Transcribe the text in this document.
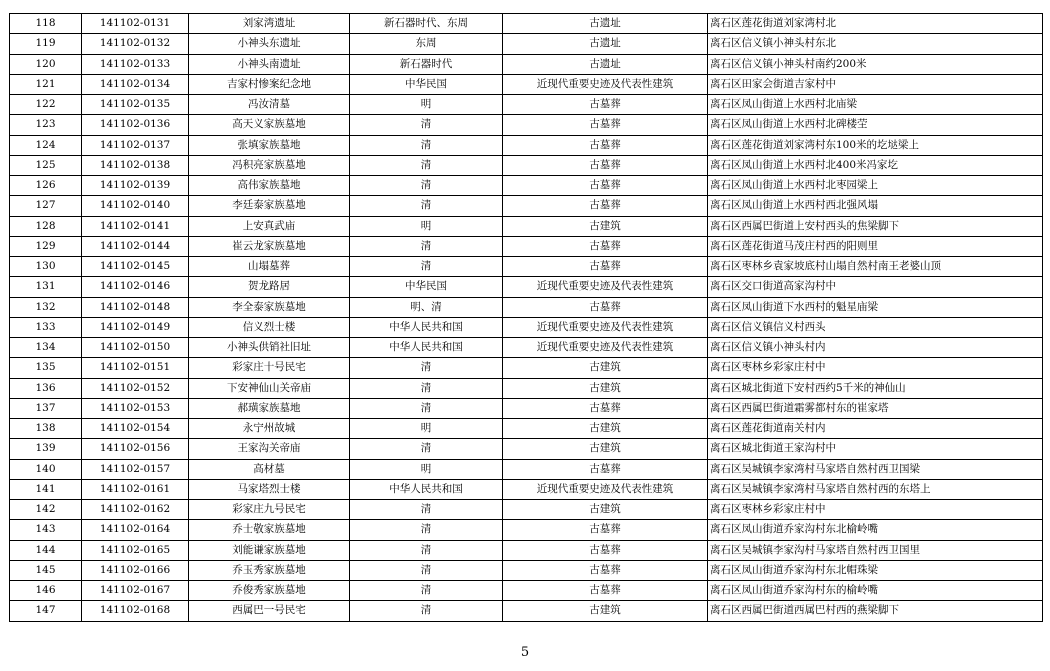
118	141102-0131	刘家湾遗址	新石器时代、东周	古遗址	离石区莲花街道刘家湾村北
119	141102-0132	小神头东遗址	东周	古遗址	离石区信义镇小神头村东北
120	141102-0133	小神头南遗址	新石器时代	古遗址	离石区信义镇小神头村南约200米
121	141102-0134	吉家村惨案纪念地	中华民国	近现代重要史迹及代表性建筑	离石区田家会街道吉家村中
122	141102-0135	冯汝清墓	明	古墓葬	离石区凤山街道上水西村北庙梁
123	141102-0136	高天义家族墓地	清	古墓葬	离石区凤山街道上水西村北碑楼茔
124	141102-0137	张填家族墓地	清	古墓葬	离石区莲花街道刘家湾村东100米的圪垯梁上
125	141102-0138	冯积亮家族墓地	清	古墓葬	离石区凤山街道上水西村北400米冯家圪
126	141102-0139	高伟家族墓地	清	古墓葬	离石区凤山街道上水西村北枣园梁上
127	141102-0140	李廷泰家族墓地	清	古墓葬	离石区凤山街道上水西村西北强风塌
128	141102-0141	上安真武庙	明	古建筑	离石区西属巴街道上安村西头的焦梁脚下
129	141102-0144	崔云龙家族墓地	清	古墓葬	离石区莲花街道马茂庄村西的阳则里
130	141102-0145	山塌墓葬	清	古墓葬	离石区枣林乡袁家坡底村山塌自然村南王老婆山顶
131	141102-0146	贺龙路居	中华民国	近现代重要史迹及代表性建筑	离石区交口街道高家沟村中
132	141102-0148	李全泰家族墓地	明、清	古墓葬	离石区凤山街道下水西村的魁星庙梁
133	141102-0149	信义烈士楼	中华人民共和国	近现代重要史迹及代表性建筑	离石区信义镇信义村西头
134	141102-0150	小神头供销社旧址	中华人民共和国	近现代重要史迹及代表性建筑	离石区信义镇小神头村内
135	141102-0151	彩家庄十号民宅	清	古建筑	离石区枣林乡彩家庄村中
136	141102-0152	下安神仙山关帝庙	清	古建筑	离石区城北街道下安村西约5千米的神仙山
137	141102-0153	郝璜家族墓地	清	古墓葬	离石区西属巴街道霜雾都村东的崔家塔
138	141102-0154	永宁州故城	明	古建筑	离石区莲花街道南关村内
139	141102-0156	王家沟关帝庙	清	古建筑	离石区城北街道王家沟村中
140	141102-0157	高材墓	明	古墓葬	离石区吴城镇李家湾村马家塔自然村西卫国梁
141	141102-0161	马家塔烈士楼	中华人民共和国	近现代重要史迹及代表性建筑	离石区吴城镇李家湾村马家塔自然村西的东塔上
142	141102-0162	彩家庄九号民宅	清	古建筑	离石区枣林乡彩家庄村中
143	141102-0164	乔士敬家族墓地	清	古墓葬	离石区凤山街道乔家沟村东北榆岭嘴
144	141102-0165	刘能谦家族墓地	清	古墓葬	离石区吴城镇李家沟村马家塔自然村西卫国里
145	141102-0166	乔玉秀家族墓地	清	古墓葬	离石区凤山街道乔家沟村东北帽珠梁
146	141102-0167	乔俊秀家族墓地	清	古墓葬	离石区凤山街道乔家沟村东的榆岭嘴
147	141102-0168	西属巴一号民宅	清	古建筑	离石区西属巴街道西属巴村西的燕梁脚下
5
